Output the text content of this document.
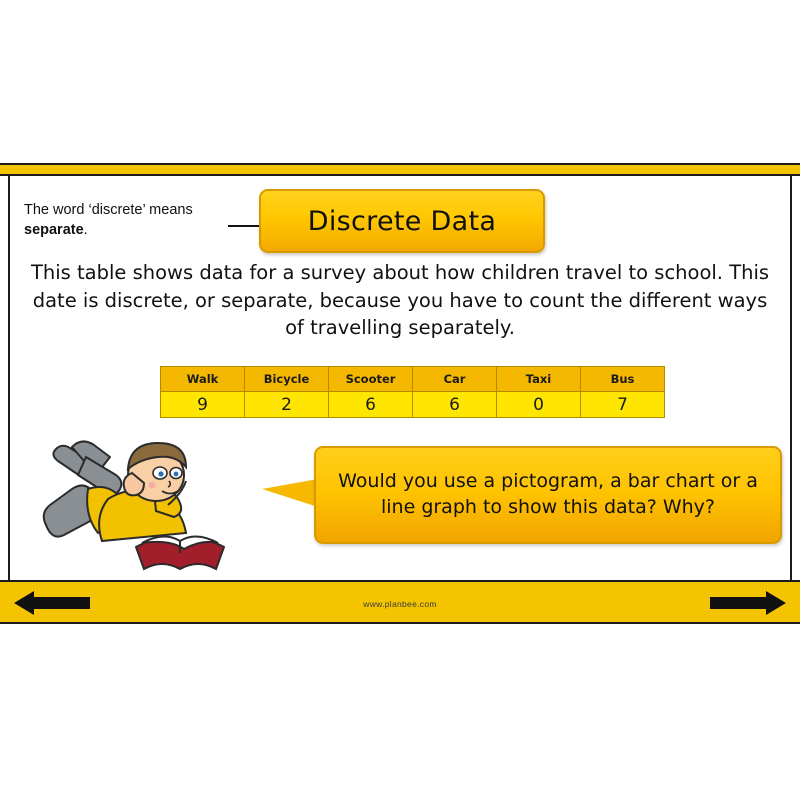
The word ‘discrete’ means
separate.	Discrete Data
This table shows data for a survey about how children travel to school. This date is discrete, or separate, because you have to count the different ways of travelling separately.
Walk	Bicycle	Scooter	Car	Taxi	Bus
9	2	6	6	0	7
Would you use a pictogram, a bar chart or a line graph to show this data? Why?
www.planbee.com
